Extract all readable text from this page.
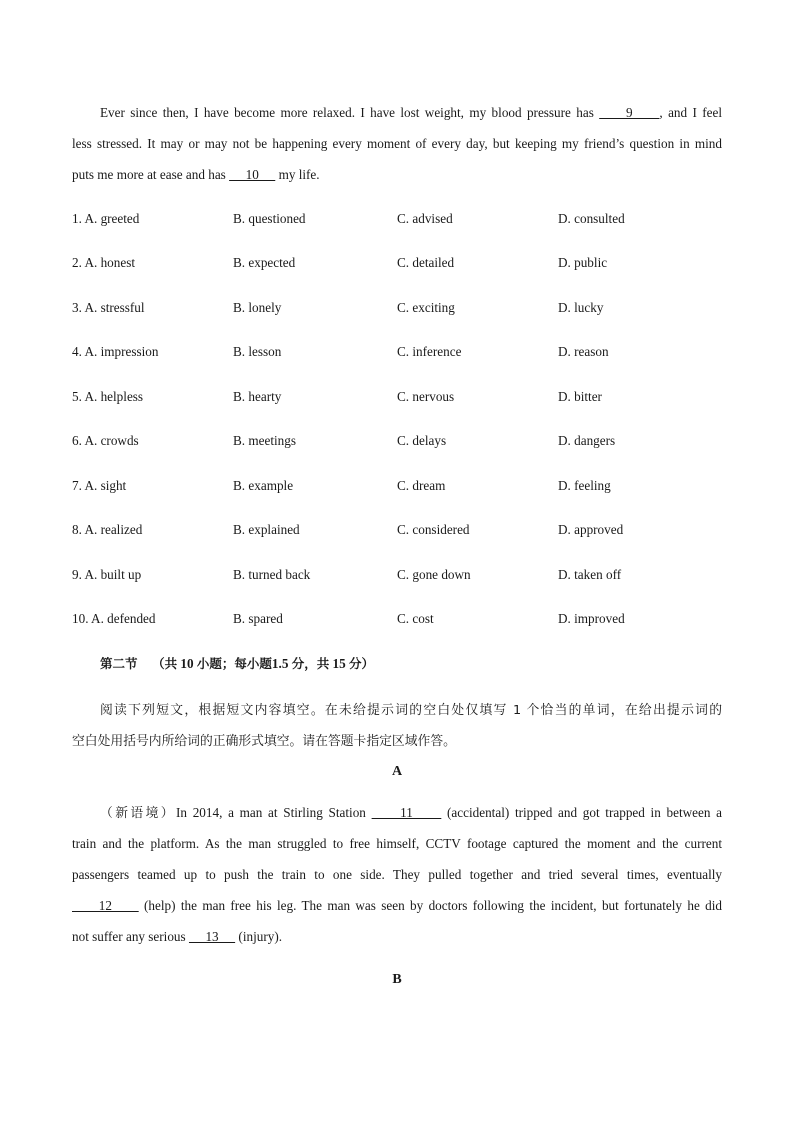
Ever since then, I have become more relaxed. I have lost weight, my blood pressure has      9     , and I feel
less stressed. It may or may not be happening every moment of every day, but keeping my friend’s question in mind
puts me more at ease and has      10      my life.
1. A. greeted	B. questioned	C. advised	D. consulted
2. A. honest	B. expected	C. detailed	D. public
3. A. stressful	B. lonely	C. exciting	D. lucky
4. A. impression	B. lesson	C. inference	D. reason
5. A. helpless	B. hearty	C. nervous	D. bitter
6. A. crowds	B. meetings	C. delays	D. dangers
7. A. sight	B. example	C. dream	D. feeling
8. A. realized	B. explained	C. considered	D. approved
9. A. built up	B. turned back	C. gone down	D. taken off
10. A. defended	B. spared	C. cost	D. improved
第二节 （共 10 小题；每小题1.5 分，共 15 分）
阅读下列短文，根据短文内容填空。在未给提示词的空白处仅填写 1 个恰当的单词，在给出提示词的
空白处用括号内所给词的正确形式填空。请在答题卡指定区域作答。
A
（新语境）In 2014, a man at Stirling Station      11      (accidental) tripped and got trapped in between a
train and the platform. As the man struggled to free himself, CCTV footage captured the moment and the current
passengers teamed up to push the train to one side. They pulled together and tried several times, eventually
12      (help) the man free his leg. The man was seen by doctors following the incident, but fortunately he did
not suffer any serious      13      (injury).
B
